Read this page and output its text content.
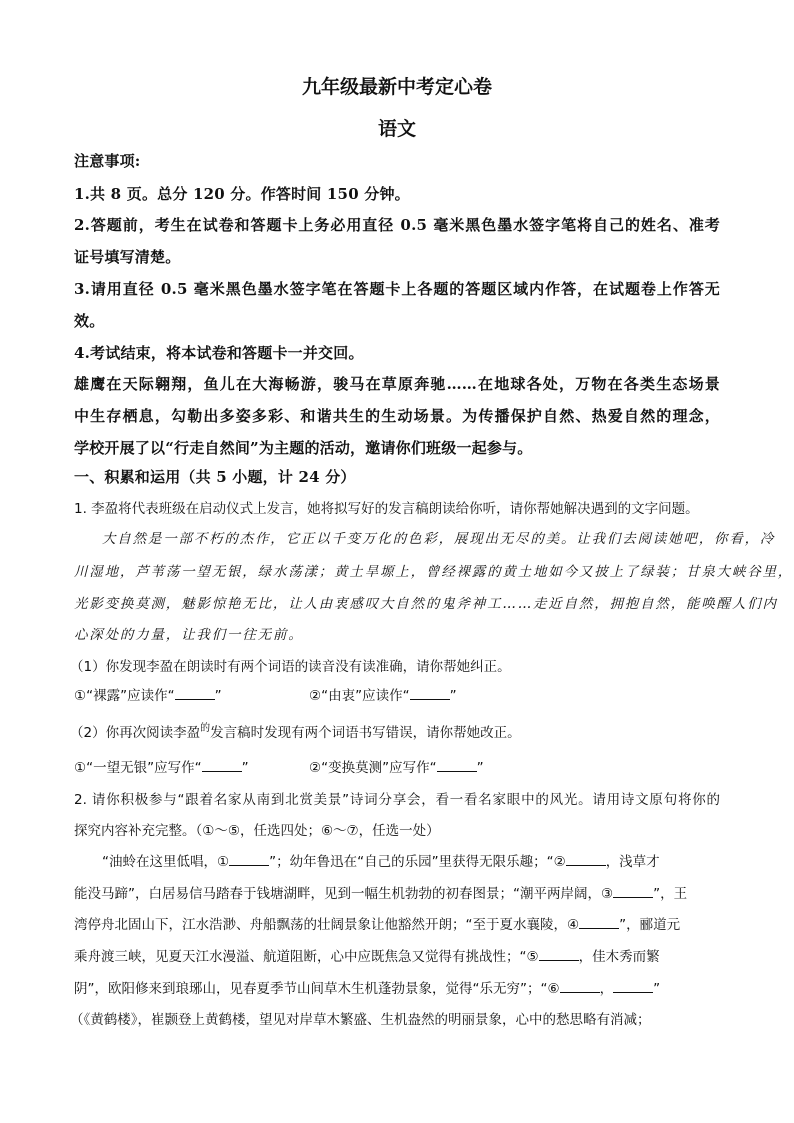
九年级最新中考定心卷
语文
注意事项:
1.共 8 页。总分 120 分。作答时间 150 分钟。
2.答题前，考生在试卷和答题卡上务必用直径 0.5 毫米黑色墨水签字笔将自己的姓名、准考
证号填写清楚。
3.请用直径 0.5 毫米黑色墨水签字笔在答题卡上各题的答题区域内作答，在试题卷上作答无
效。
4.考试结束，将本试卷和答题卡一并交回。
雄鹰在天际翱翔，鱼儿在大海畅游，骏马在草原奔驰……在地球各处，万物在各类生态场景
中生存栖息，勾勒出多姿多彩、和谐共生的生动场景。为传播保护自然、热爱自然的理念，
学校开展了以“行走自然间”为主题的活动，邀请你们班级一起参与。
一、积累和运用（共 5 小题，计 24 分）
1. 李盈将代表班级在启动仪式上发言，她将拟写好的发言稿朗读给你听，请你帮她解决遇到的文字问题。
大自然是一部不朽的杰作，它正以千变万化的色彩，展现出无尽的美。让我们去阅读她吧，你看，冷
川湿地，芦苇荡一望无银，绿水荡漾；黄土旱塬上，曾经裸露的黄土地如今又披上了绿装；甘泉大峡谷里，
光影变换莫测，魅影惊艳无比，让人由衷感叹大自然的鬼斧神工……走近自然，拥抱自然，能唤醒人们内
心深处的力量，让我们一往无前。
（1）你发现李盈在朗读时有两个词语的读音没有读准确，请你帮她纠正。
①“裸露”应读作“	”	②“由衷”应读作“	”
（2）你再次阅读李盈$^的$发言稿时发现有两个词语书写错误，请你帮她改正。
①“一望无银”应写作“	”	②“变换莫测”应写作“	”
2. 请你积极参与“跟着名家从南到北赏美景”诗词分享会，看一看名家眼中的风光。请用诗文原句将你的
探究内容补充完整。（①～⑤，任选四处；⑥～⑦，任选一处）
“油蛉在这里低唱，①	”；幼年鲁迅在“自己的乐园”里获得无限乐趣；“②	，浅草才
能没马蹄”，白居易信马踏春于钱塘湖畔，见到一幅生机勃勃的初春图景；“潮平两岸阔，③	”，王
湾停舟北固山下，江水浩渺、舟船飘荡的壮阔景象让他豁然开朗；“至于夏水襄陵，④	”，郦道元
乘舟渡三峡，见夏天江水漫溢、航道阻断，心中应既焦急又觉得有挑战性；“⑤	，佳木秀而繁
阴”，欧阳修来到琅琊山，见春夏季节山间草木生机蓬勃景象，觉得“乐无穷”；“⑥	，	”
（《黄鹤楼》，崔颢登上黄鹤楼，望见对岸草木繁盛、生机盎然的明丽景象，心中的愁思略有消减；
